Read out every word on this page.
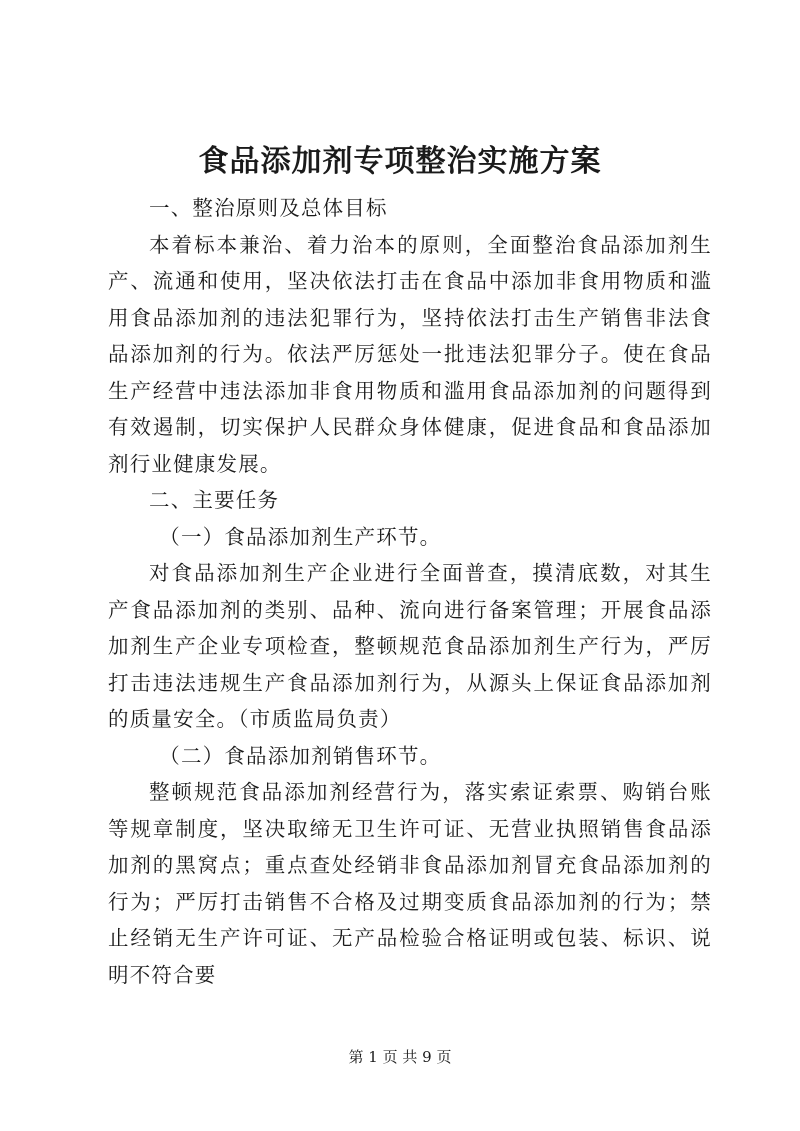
食品添加剂专项整治实施方案

一、整治原则及总体目标

本着标本兼治、着力治本的原则，全面整治食品添加剂生产、流通和使用，坚决依法打击在食品中添加非食用物质和滥用食品添加剂的违法犯罪行为，坚持依法打击生产销售非法食品添加剂的行为。依法严厉惩处一批违法犯罪分子。使在食品生产经营中违法添加非食用物质和滥用食品添加剂的问题得到有效遏制，切实保护人民群众身体健康，促进食品和食品添加剂行业健康发展。

二、主要任务

（一）食品添加剂生产环节。

对食品添加剂生产企业进行全面普查，摸清底数，对其生产食品添加剂的类别、品种、流向进行备案管理；开展食品添加剂生产企业专项检查，整顿规范食品添加剂生产行为，严厉打击违法违规生产食品添加剂行为，从源头上保证食品添加剂的质量安全。（市质监局负责）

（二）食品添加剂销售环节。

整顿规范食品添加剂经营行为，落实索证索票、购销台账等规章制度，坚决取缔无卫生许可证、无营业执照销售食品添加剂的黑窝点；重点查处经销非食品添加剂冒充食品添加剂的行为；严厉打击销售不合格及过期变质食品添加剂的行为；禁止经销无生产许可证、无产品检验合格证明或包装、标识、说明不符合要

第 1 页 共 9 页
